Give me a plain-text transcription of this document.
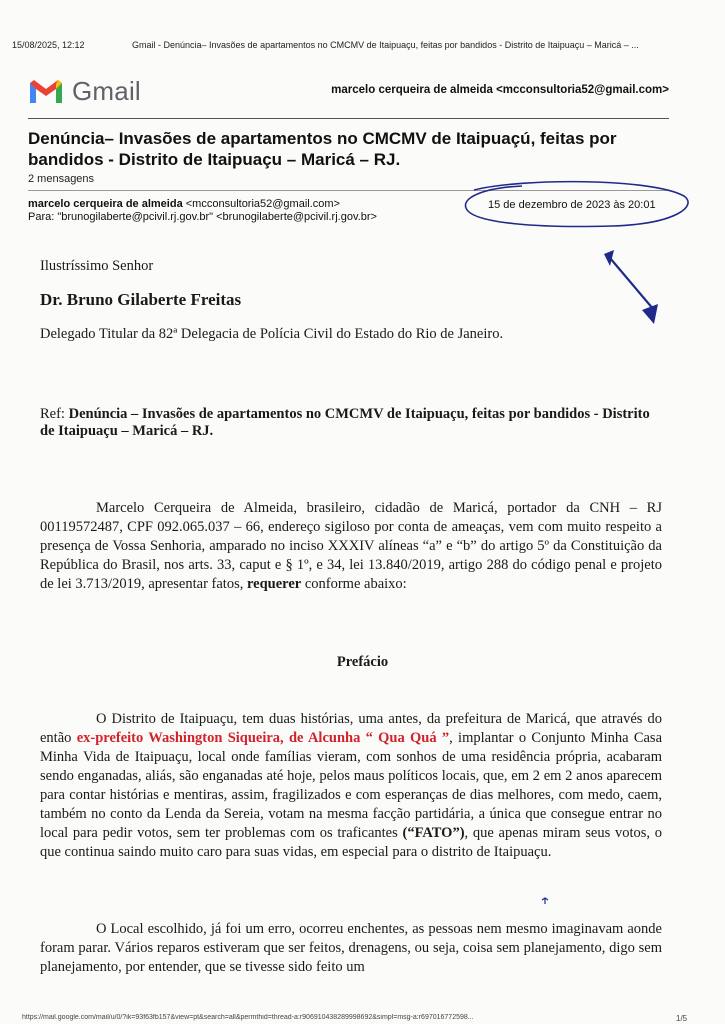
15/08/2025, 12:12	Gmail - Denúncia– Invasões de apartamentos no CMCMV de Itaipuaçu, feitas por bandidos - Distrito de Itaipuaçu – Maricá – ...
Gmail	marcelo cerqueira de almeida <mcconsultoria52@gmail.com>
Denúncia– Invasões de apartamentos no CMCMV de Itaipuaçú, feitas por bandidos - Distrito de Itaipuaçu – Maricá – RJ.
2 mensagens
marcelo cerqueira de almeida <mcconsultoria52@gmail.com>
Para: "brunogilaberte@pcivil.rj.gov.br" <brunogilaberte@pcivil.rj.gov.br>
15 de dezembro de 2023 às 20:01
Ilustríssimo Senhor
Dr. Bruno Gilaberte Freitas
Delegado Titular da 82ª Delegacia de Polícia Civil do Estado do Rio de Janeiro.
Ref: Denúncia – Invasões de apartamentos no CMCMV de Itaipuaçu, feitas por bandidos - Distrito de Itaipuaçu – Maricá – RJ.

Marcelo Cerqueira de Almeida, brasileiro, cidadão de Maricá, portador da CNH – RJ 00119572487, CPF 092.065.037 – 66, endereço sigiloso por conta de ameaças, vem com muito respeito a presença de Vossa Senhoria, amparado no inciso XXXIV alíneas “a” e “b” do artigo 5º da Constituição da República do Brasil, nos arts. 33, caput e § 1º, e 34, lei 13.840/2019, artigo 288 do código penal e projeto de lei 3.713/2019, apresentar fatos, requerer conforme abaixo:

Prefácio

O Distrito de Itaipuaçu, tem duas histórias, uma antes, da prefeitura de Maricá, que através do então ex-prefeito Washington Siqueira, de Alcunha “ Qua Quá ”, implantar o Conjunto Minha Casa Minha Vida de Itaipuaçu, local onde famílias vieram, com sonhos de uma residência própria, acabaram sendo enganadas, aliás, são enganadas até hoje, pelos maus políticos locais, que, em 2 em 2 anos aparecem para contar histórias e mentiras, assim, fragilizados e com esperanças de dias melhores, com medo, caem, também no conto da Lenda da Sereia, votam na mesma facção partidária, a única que consegue entrar no local para pedir votos, sem ter problemas com os traficantes (“FATO”), que apenas miram seus votos, o que continua saindo muito caro para suas vidas, em especial para o distrito de Itaipuaçu.

O Local escolhido, já foi um erro, ocorreu enchentes, as pessoas nem mesmo imaginavam aonde foram parar. Vários reparos estiveram que ser feitos, drenagens, ou seja, coisa sem planejamento, digo sem planejamento, por entender, que se tivesse sido feito um

https://mail.google.com/mail/u/0/?ik=93f63fb157&view=pt&search=all&permthid=thread-a:r906910438289998692&simpl=msg-a:r697016772598...	1/5
